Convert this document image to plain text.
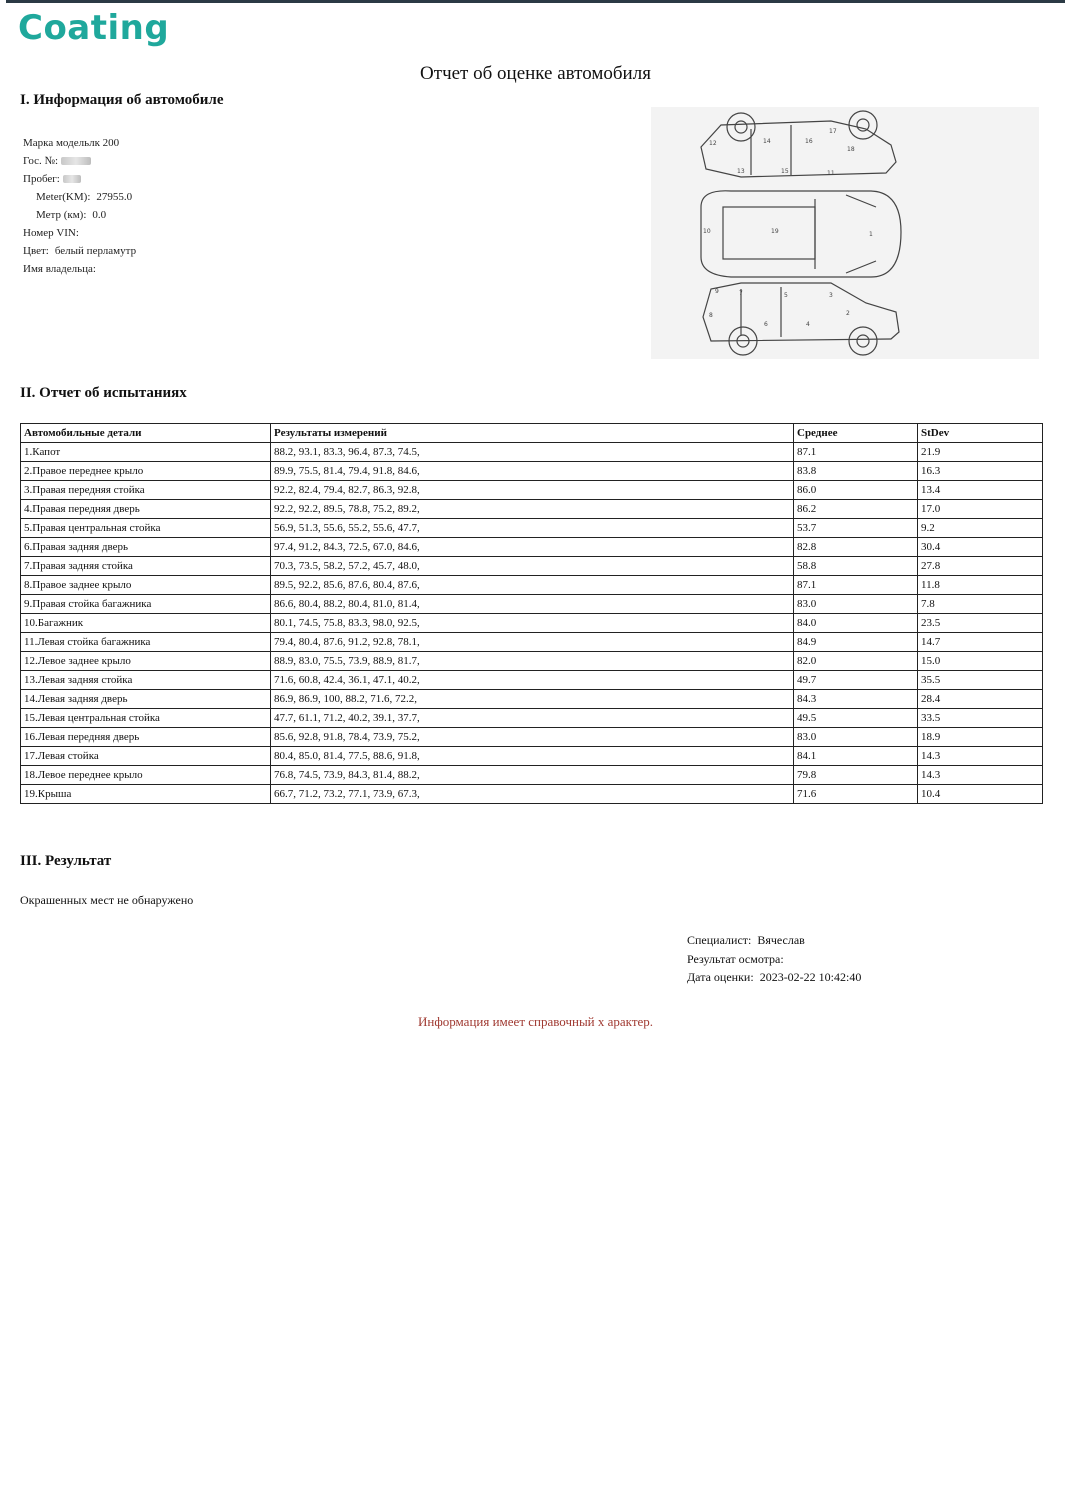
Coating
Отчет об оценке автомобиля
I. Информация об автомобиле
Марка модельлк 200
Гос. №:
Пробег:
Meter(KM): 27955.0
Метр (км): 0.0
Номер VIN:
Цвет: белый перламутр
Имя владельца:
1
2
3
4
5
6
7
8
9
10
11
12
13
14
15
16
17
18
19
II. Отчет об испытаниях
Автомобильные детали	Результаты измерений	Среднее	StDev
1.Капот	88.2, 93.1, 83.3, 96.4, 87.3, 74.5,	87.1	21.9
2.Правое переднее крыло	89.9, 75.5, 81.4, 79.4, 91.8, 84.6,	83.8	16.3
3.Правая передняя стойка	92.2, 82.4, 79.4, 82.7, 86.3, 92.8,	86.0	13.4
4.Правая передняя дверь	92.2, 92.2, 89.5, 78.8, 75.2, 89.2,	86.2	17.0
5.Правая центральная стойка	56.9, 51.3, 55.6, 55.2, 55.6, 47.7,	53.7	9.2
6.Правая задняя дверь	97.4, 91.2, 84.3, 72.5, 67.0, 84.6,	82.8	30.4
7.Правая задняя стойка	70.3, 73.5, 58.2, 57.2, 45.7, 48.0,	58.8	27.8
8.Правое заднее крыло	89.5, 92.2, 85.6, 87.6, 80.4, 87.6,	87.1	11.8
9.Правая стойка багажника	86.6, 80.4, 88.2, 80.4, 81.0, 81.4,	83.0	7.8
10.Багажник	80.1, 74.5, 75.8, 83.3, 98.0, 92.5,	84.0	23.5
11.Левая стойка багажника	79.4, 80.4, 87.6, 91.2, 92.8, 78.1,	84.9	14.7
12.Левое заднее крыло	88.9, 83.0, 75.5, 73.9, 88.9, 81.7,	82.0	15.0
13.Левая задняя стойка	71.6, 60.8, 42.4, 36.1, 47.1, 40.2,	49.7	35.5
14.Левая задняя дверь	86.9, 86.9, 100, 88.2, 71.6, 72.2,	84.3	28.4
15.Левая центральная стойка	47.7, 61.1, 71.2, 40.2, 39.1, 37.7,	49.5	33.5
16.Левая передняя дверь	85.6, 92.8, 91.8, 78.4, 73.9, 75.2,	83.0	18.9
17.Левая стойка	80.4, 85.0, 81.4, 77.5, 88.6, 91.8,	84.1	14.3
18.Левое переднее крыло	76.8, 74.5, 73.9, 84.3, 81.4, 88.2,	79.8	14.3
19.Крыша	66.7, 71.2, 73.2, 77.1, 73.9, 67.3,	71.6	10.4
III. Результат
Окрашенных мест не обнаружено
Специалист: Вячеслав
Результат осмотра:
Дата оценки: 2023-02-22 10:42:40
Информация имеет справочный х арактер.
